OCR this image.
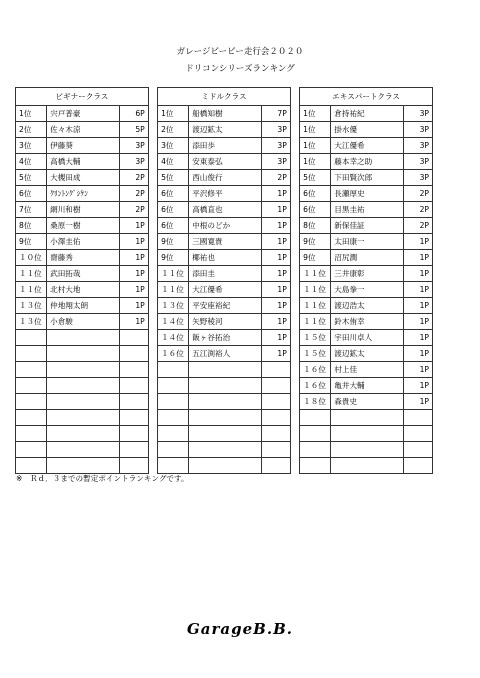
ガレージビービー走行会２０２０
ドリコンシリーズランキング
ビギナークラス				ミドルクラス				エキスパートクラス		
1位	宍戸普豪	6P		1位	船橋知樹	7P		1位	倉持祐紀	3P
2位	佐々木涼	5P		2位	渡辺鉱太	3P		1位	掛水優	3P
3位	伊藤葵	3P		3位	添田歩	3P		1位	大江優希	3P
4位	高橋大輔	3P		4位	安東泰弘	3P		1位	藤本幸之助	3P
5位	大槻田成	2P		5位	西山俊行	2P		5位	下田賢次郎	3P
6位	ｸﾘﾝﾄﾝｸﾞｼｹﾝ	2P		6位	平沢修平	1P		6位	長瀬厚史	2P
7位	網川和樹	2P		6位	高橋直也	1P		6位	目黒圭祐	2P
8位	桑原一樹	1P		6位	中根のどか	1P		8位	新保佳証	2P
9位	小澤圭佑	1P		9位	三國寛貴	1P		9位	太田康一	1P
１０位	齋藤秀	1P		9位	椰祐也	1P		9位	沼尻潤	1P
１１位	武田拓哉	1P		１１位	添田圭	1P		１１位	三井康彰	1P
１１位	北村大地	1P		１１位	大江優希	1P		１１位	大島拳一	1P
１３位	仲地翔太朗	1P		１３位	平安座裕紀	1P		１１位	渡辺浩太	1P
１３位	小倉駿	1P		１４位	矢野稜河	1P		１１位	鈴木侑幸	1P
				１４位	飯ヶ谷拓治	1P		１５位	宇田川卓人	1P
				１６位	五江渕裕人	1P		１５位	渡辺鉱太	1P
								１６位	村上佳	1P
								１６位	亀井大輔	1P
								１８位	森貴史	1P

※　Ｒｄ．３までの暫定ポイントランキングです。
GarageB.B.
